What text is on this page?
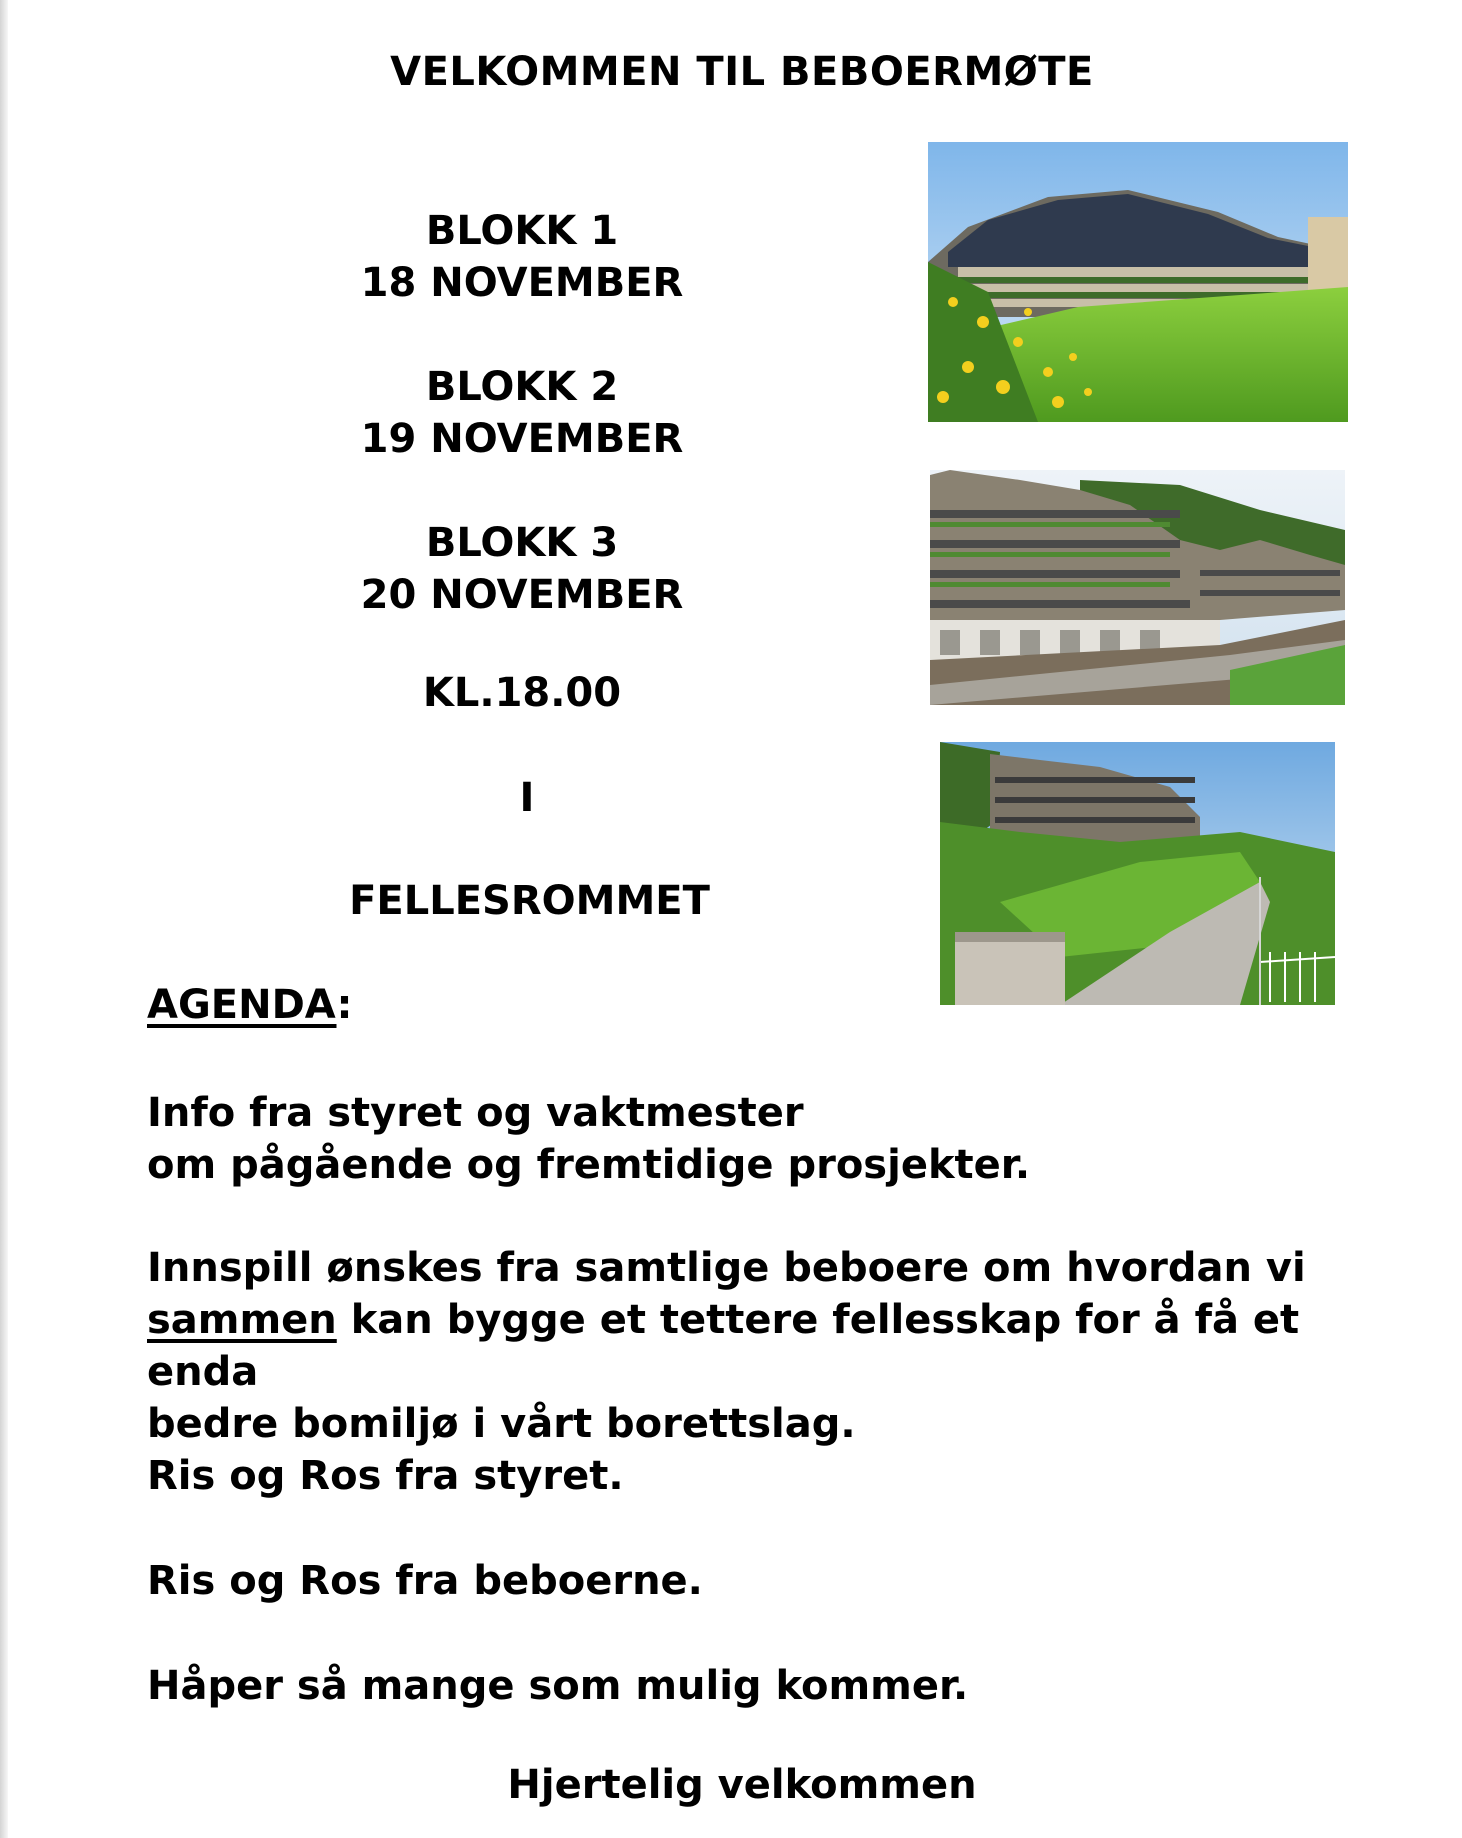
VELKOMMEN TIL BEBOERMØTE
BLOKK 1
18 NOVEMBER
BLOKK 2
19 NOVEMBER
BLOKK 3
20 NOVEMBER
KL.18.00
I
FELLESROMMET
AGENDA:
Info fra styret og vaktmester
om pågående og fremtidige prosjekter.
Innspill ønskes fra samtlige beboere om hvordan vi
sammen kan bygge et tettere fellesskap for å få et enda
bedre bomiljø i vårt borettslag.
Ris og Ros fra styret.
Ris og Ros fra beboerne.
Håper så mange som mulig kommer.
Hjertelig velkommen
